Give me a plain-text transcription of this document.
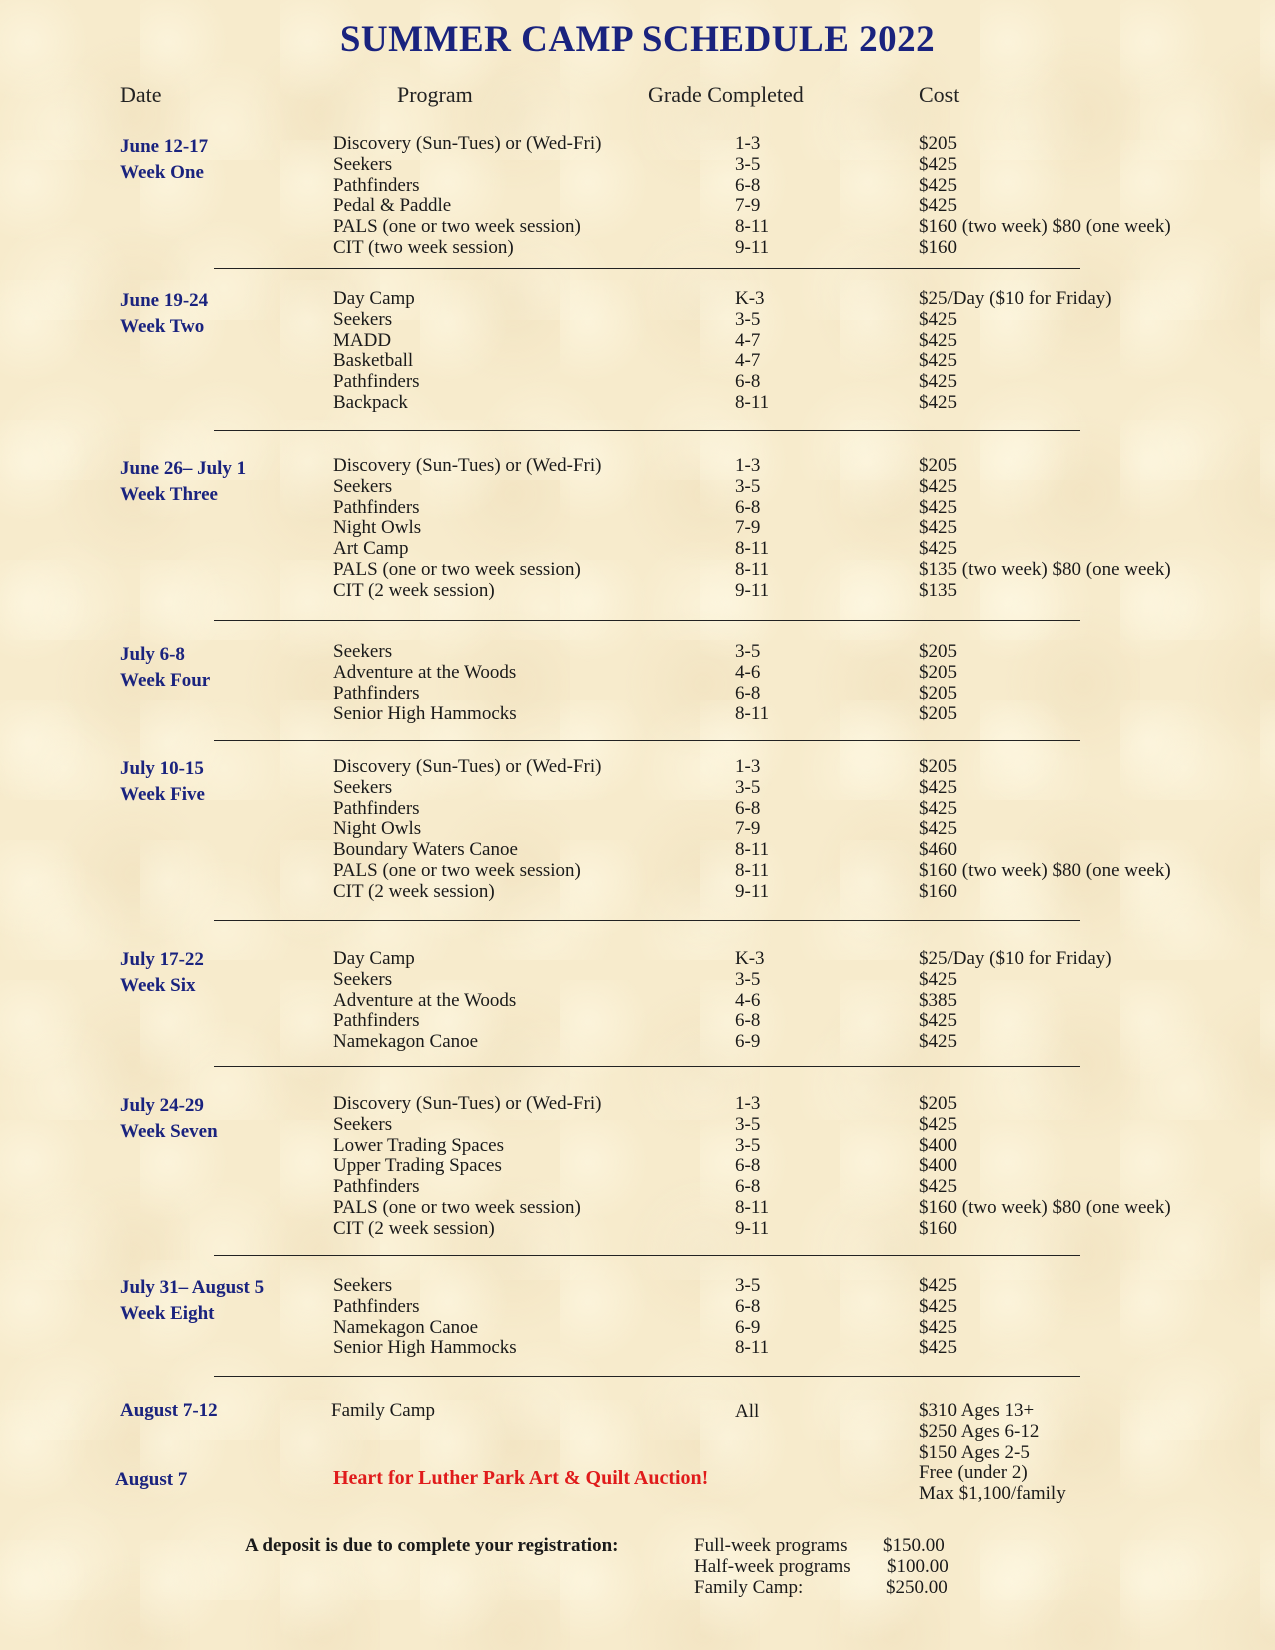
SUMMER CAMP SCHEDULE 2022
Date	Program	Grade Completed	Cost
June 12-17
Week One
Discovery (Sun-Tues) or (Wed-Fri)	1-3	$205
Seekers	3-5	$425
Pathfinders	6-8	$425
Pedal & Paddle	7-9	$425
PALS (one or two week session)	8-11	$160 (two week) $80 (one week)
CIT (two week session)	9-11	$160
June 19-24
Week Two
Day Camp	K-3	$25/Day ($10 for Friday)
Seekers	3-5	$425
MADD	4-7	$425
Basketball	4-7	$425
Pathfinders	6-8	$425
Backpack	8-11	$425
June 26– July 1
Week Three
Discovery (Sun-Tues) or (Wed-Fri)	1-3	$205
Seekers	3-5	$425
Pathfinders	6-8	$425
Night Owls	7-9	$425
Art Camp	8-11	$425
PALS (one or two week session)	8-11	$135 (two week) $80 (one week)
CIT (2 week session)	9-11	$135
July 6-8
Week Four
Seekers	3-5	$205
Adventure at the Woods	4-6	$205
Pathfinders	6-8	$205
Senior High Hammocks	8-11	$205
July 10-15
Week Five
Discovery (Sun-Tues) or (Wed-Fri)	1-3	$205
Seekers	3-5	$425
Pathfinders	6-8	$425
Night Owls	7-9	$425
Boundary Waters Canoe	8-11	$460
PALS (one or two week session)	8-11	$160 (two week) $80 (one week)
CIT (2 week session)	9-11	$160
July 17-22
Week Six
Day Camp	K-3	$25/Day ($10 for Friday)
Seekers	3-5	$425
Adventure at the Woods	4-6	$385
Pathfinders	6-8	$425
Namekagon Canoe	6-9	$425
July 24-29
Week Seven
Discovery (Sun-Tues) or (Wed-Fri)	1-3	$205
Seekers	3-5	$425
Lower Trading Spaces	3-5	$400
Upper Trading Spaces	6-8	$400
Pathfinders	6-8	$425
PALS (one or two week session)	8-11	$160 (two week) $80 (one week)
CIT (2 week session)	9-11	$160
July 31– August 5
Week Eight
Seekers	3-5	$425
Pathfinders	6-8	$425
Namekagon Canoe	6-9	$425
Senior High Hammocks	8-11	$425
August 7-12	Family Camp	All	$310 Ages 13+
$250 Ages 6-12
$150 Ages 2-5
Free (under 2)
Max $1,100/family
August 7	Heart for Luther Park Art & Quilt Auction!
A deposit is due to complete your registration:	Full-week programs $150.00
Half-week programs $100.00
Family Camp:	$250.00
